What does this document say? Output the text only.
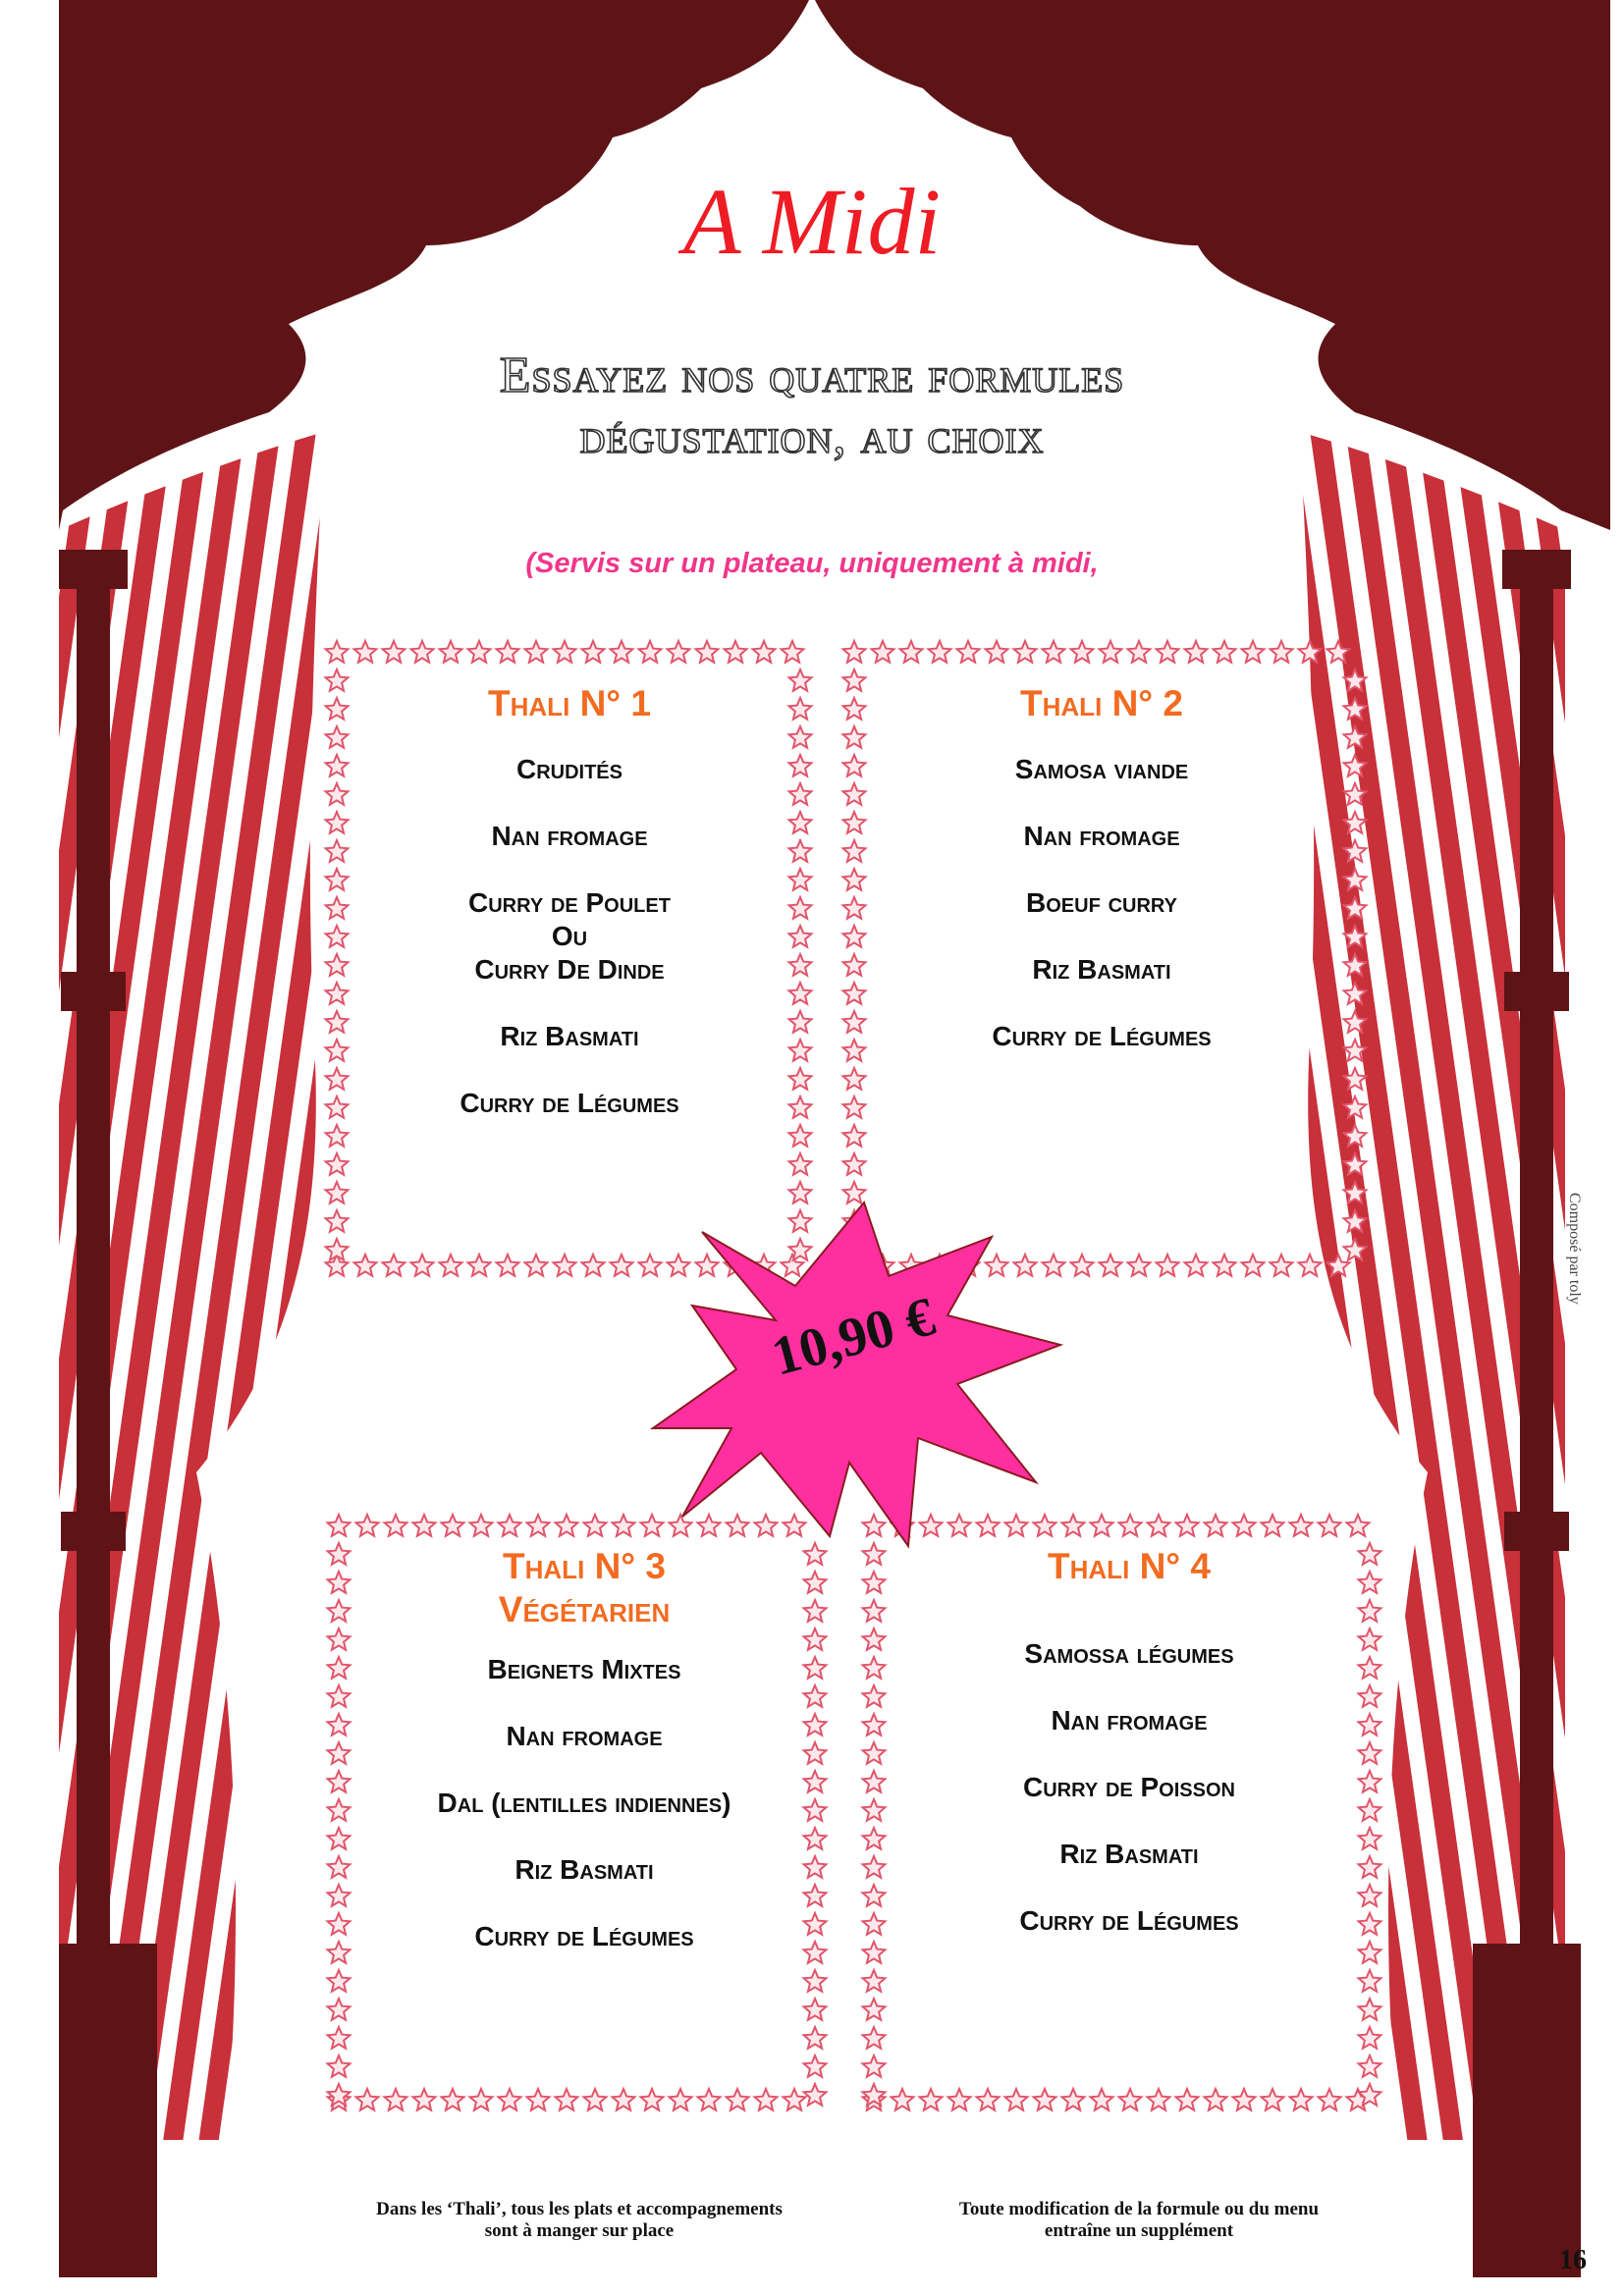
A Midi
Essayez nos quatre formules
dégustation, au choix
(Servis sur un plateau, uniquement à midi,
Thali N° 1
Crudités
Nan fromage
Curry de Poulet
Ou
Curry De Dinde
Riz Basmati
Curry de Légumes
Thali N° 2
Samosa viande
Nan fromage
Boeuf curry
Riz Basmati
Curry de Légumes
Thali N° 3
Végétarien
Beignets Mixtes
Nan fromage
Dal (lentilles indiennes)
Riz Basmati
Curry de Légumes
Thali N° 4
Samossa légumes
Nan fromage
Curry de Poisson
Riz Basmati
Curry de Légumes
10,90 €
Dans les ‘Thali’, tous les plats et accompagnements
sont à manger sur place
Toute modification de la formule ou du menu
entraîne un supplément
16
Composé par toly
